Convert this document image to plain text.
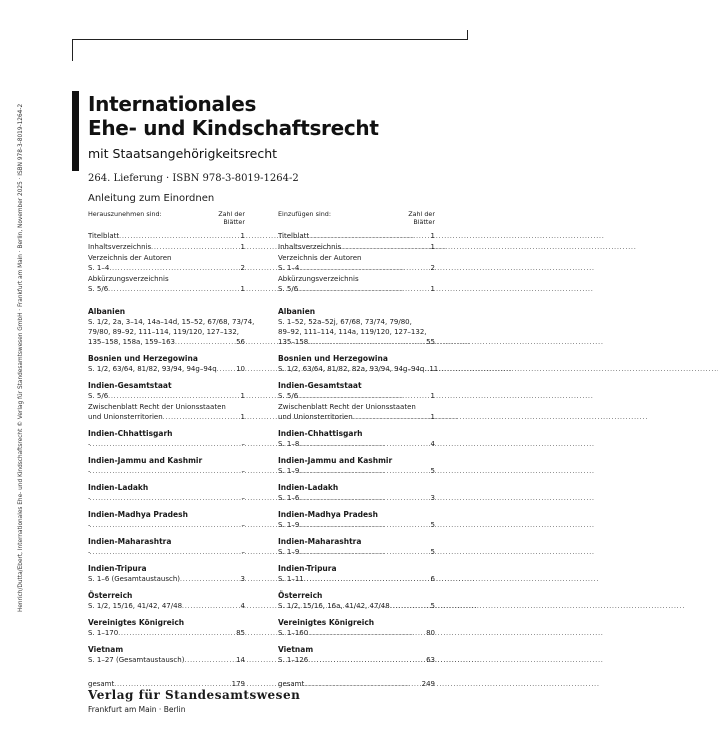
Henrich/Dutta/Ebert, Internationales Ehe- und Kindschaftsrecht © Verlag für Standesamtswesen GmbH · Frankfurt am Main · Berlin, November 2025 · ISBN 978-3-8019-1264-2	Internationales
Ehe- und Kindschaftsrecht
mit Staatsangehörigkeitsrecht
264. Lieferung · ISBN 978-3-8019-1264-2
Anleitung zum Einordnen
Herauszunehmen sind:	Zahl der
Blätter
Titelblatt . . .	1
Inhaltsverzeichnis . . .	1
Verzeichnis der Autoren
S. 1–4 . . .	2
Abkürzungsverzeichnis
S. 5/6 . . .	1
Albanien
S. 1/2, 2a, 3–14, 14a–14d, 15–52, 67/68, 73/74,
79/80, 89–92, 111–114, 119/120, 127–132,
135–158, 158a, 159–163 . . .	56
Bosnien und Herzegowina
S. 1/2, 63/64, 81/82, 93/94, 94g–94q . . .	10
Indien-Gesamtstaat
S. 5/6 . . .	1
Zwischenblatt Recht der Unionsstaaten
und Unionsterritorien . . .	1
Indien-Chhattisgarh
. . .
–
Indien-Jammu and Kashmir
. . .
–
Indien-Ladakh
. . .
–
Indien-Madhya Pradesh
. . .
–
Indien-Maharashtra
. . .
–
Indien-Tripura
S. 1–6 (Gesamtaustausch) . . .	3
Österreich
S. 1/2, 15/16, 41/42, 47/48 . . .	4
Vereinigtes Königreich
S. 1–170 . . .	85
Vietnam
S. 1–27 (Gesamtaustausch) . . .	14
gesamt . . .	179
Einzufügen sind:	Zahl der
Blätter
Titelblatt . . .	1
Inhaltsverzeichnis . . .	1
Verzeichnis der Autoren
S. 1–4 . . .	2
Abkürzungsverzeichnis
S. 5/6 . . .	1
Albanien
S. 1–52, 52a–52j, 67/68, 73/74, 79/80,
89–92, 111–114, 114a, 119/120, 127–132,
135–158 . . .	55
Bosnien und Herzegowina
S. 1/2, 63/64, 81/82, 82a, 93/94, 94g–94q . . . 11
Indien-Gesamtstaat
S. 5/6 . . .	1
Zwischenblatt Recht der Unionsstaaten
und Unionsterritorien . . .	1
Indien-Chhattisgarh
S. 1–8 . . .	4
Indien-Jammu and Kashmir
S. 1–9 . . .	5
Indien-Ladakh
S. 1–6 . . .	3
Indien-Madhya Pradesh
S. 1–9 . . .	5
Indien-Maharashtra
S. 1–9 . . .	5
Indien-Tripura
S. 1–11 . . .	6
Österreich
S. 1/2, 15/16, 16a, 41/42, 47/48 . . .	5
Vereinigtes Königreich
S. 1–160 . . .	80
Vietnam
S. 1–126 . . .	63
gesamt . . .	249
Verlag für Standesamtswesen
Frankfurt am Main · Berlin
